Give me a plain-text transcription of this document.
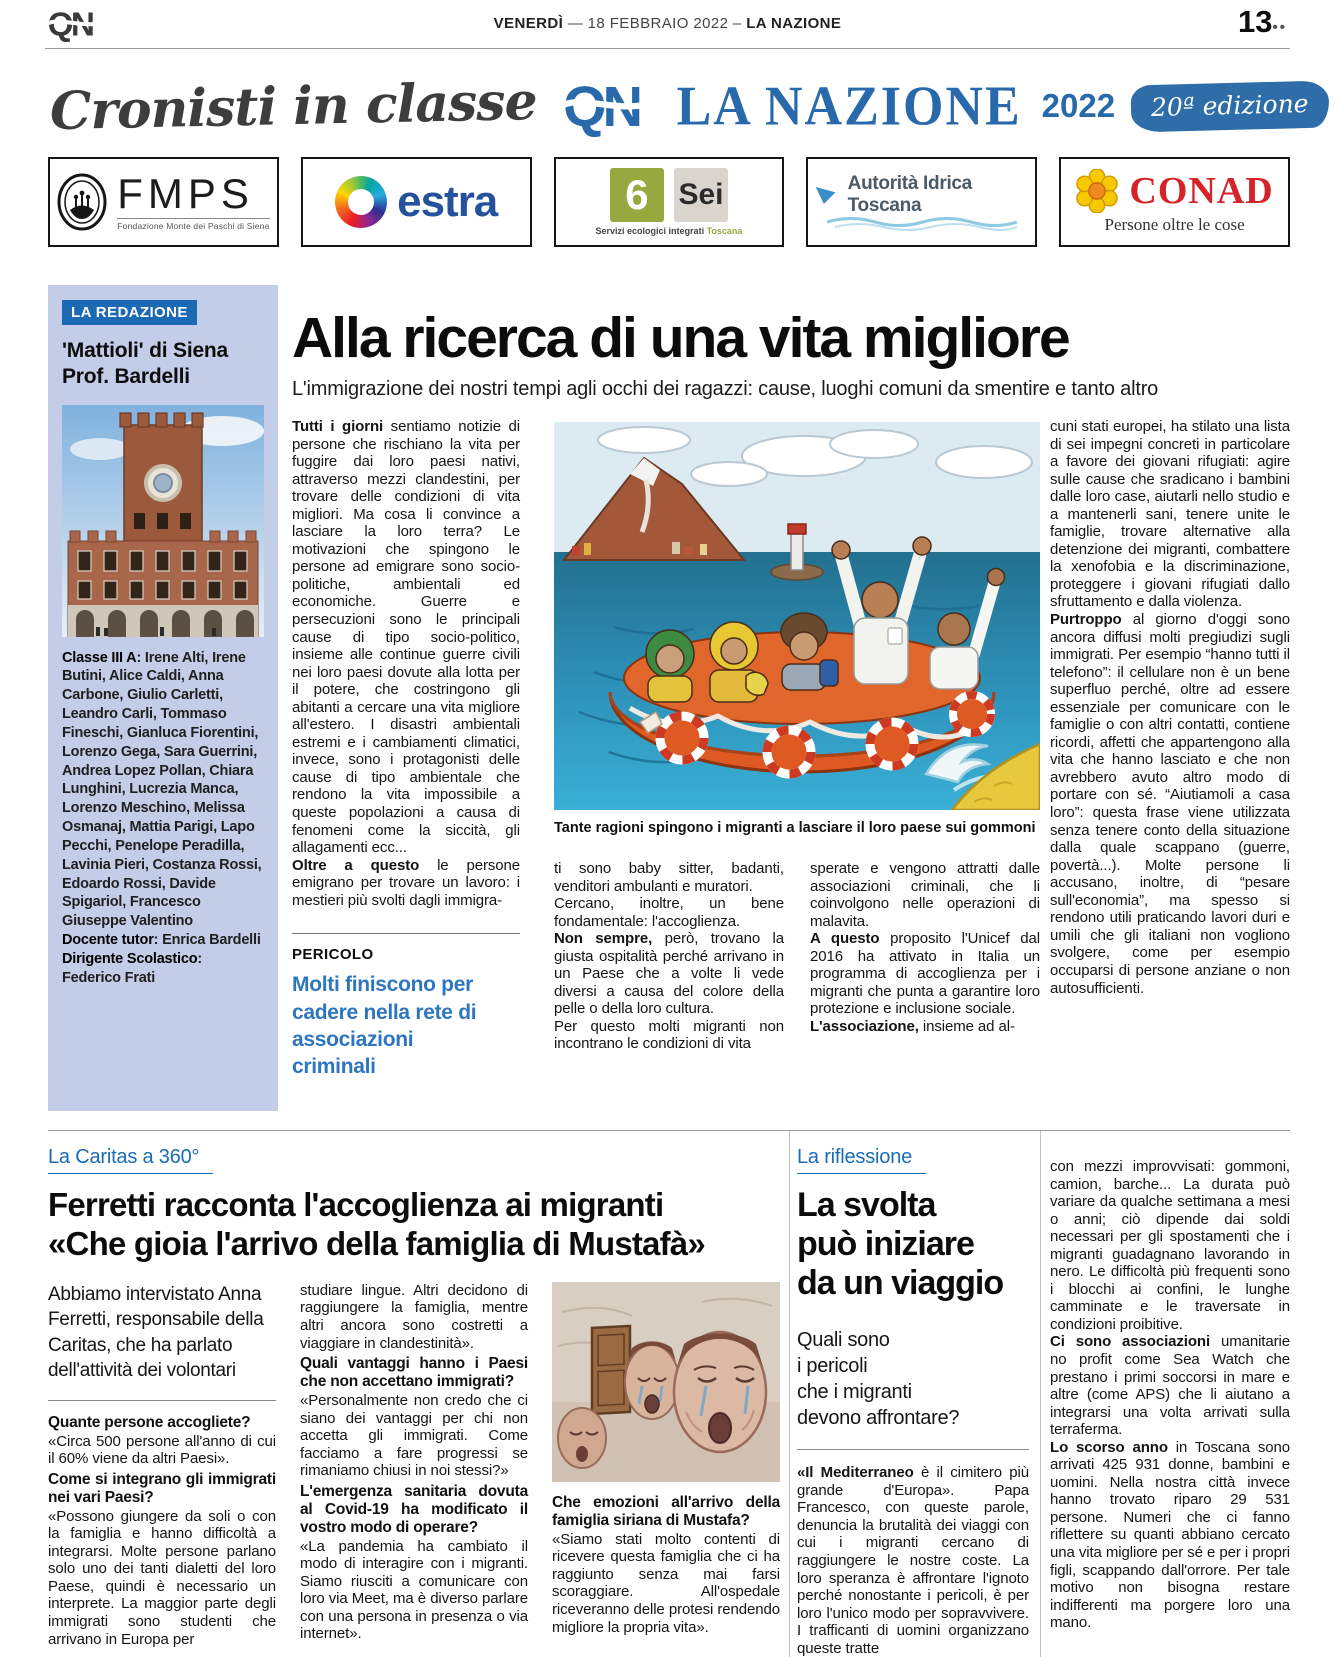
QN	VENERDÌ — 18 FEBBRAIO 2022 – LA NAZIONE	13••
Cronisti in classe QN LA NAZIONE 2022	20ª edizione
FMPS
Fondazione Monte dei Paschi di Siena	estra	6 Sei
Servizi ecologici integrati Toscana
Autorità Idrica Toscana	CONAD
Persone oltre le cose
LA REDAZIONE
'Mattioli' di Siena
Prof. Bardelli

Classe III A: Irene Alti, Irene Butini, Alice Caldi, Anna Carbone, Giulio Carletti, Leandro Carli, Tommaso Fineschi, Gianluca Fiorentini, Lorenzo Gega, Sara Guerrini, Andrea Lopez Pollan, Chiara Lunghini, Lucrezia Manca, Lorenzo Meschino, Melissa Osmanaj, Mattia Parigi, Lapo Pecchi, Penelope Peradilla, Lavinia Pieri, Costanza Rossi, Edoardo Rossi, Davide Spigariol, Francesco Giuseppe Valentino
Docente tutor: Enrica Bardelli
Dirigente Scolastico: Federico Frati

Alla ricerca di una vita migliore
L'immigrazione dei nostri tempi agli occhi dei ragazzi: cause, luoghi comuni da smentire e tanto altro

Tutti i giorni sentiamo notizie di persone che rischiano la vita per fuggire dai loro paesi nativi, attraverso mezzi clandestini, per trovare delle condizioni di vita migliori. Ma cosa li convince a lasciare la loro terra? Le motivazioni che spingono le persone ad emigrare sono socio-politiche, ambientali ed economiche. Guerre e persecuzioni sono le principali cause di tipo socio-politico, insieme alle continue guerre civili nei loro paesi dovute alla lotta per il potere, che costringono gli abitanti a cercare una vita migliore all'estero. I disastri ambientali estremi e i cambiamenti climatici, invece, sono i protagonisti delle cause di tipo ambientale che rendono la vita impossibile a queste popolazioni a causa di fenomeni come la siccità, gli allagamenti ecc...

Oltre a questo le persone emigrano per trovare un lavoro: i mestieri più svolti dagli immigra-

PERICOLO
Molti finiscono per cadere nella rete di associazioni criminali
Tante ragioni spingono i migranti a lasciare il loro paese sui gommoni

ti sono baby sitter, badanti, venditori ambulanti e muratori.

Cercano, inoltre, un bene fondamentale: l'accoglienza.

Non sempre, però, trovano la giusta ospitalità perché arrivano in un Paese che a volte li vede diversi a causa del colore della pelle o della loro cultura.

Per questo molti migranti non incontrano le condizioni di vita

sperate e vengono attratti dalle associazioni criminali, che li coinvolgono nelle operazioni di malavita.

A questo proposito l'Unicef dal 2016 ha attivato in Italia un programma di accoglienza per i migranti che punta a garantire loro protezione e inclusione sociale.

L'associazione, insieme ad al-

cuni stati europei, ha stilato una lista di sei impegni concreti in particolare a favore dei giovani rifugiati: agire sulle cause che sradicano i bambini dalle loro case, aiutarli nello studio e a mantenerli sani, tenere unite le famiglie, trovare alternative alla detenzione dei migranti, combattere la xenofobia e la discriminazione, proteggere i giovani rifugiati dallo sfruttamento e dalla violenza.

Purtroppo al giorno d'oggi sono ancora diffusi molti pregiudizi sugli immigrati. Per esempio “hanno tutti il telefono”: il cellulare non è un bene superfluo perché, oltre ad essere essenziale per comunicare con le famiglie o con altri contatti, contiene ricordi, affetti che appartengono alla vita che hanno lasciato e che non avrebbero avuto altro modo di portare con sé. “Aiutiamoli a casa loro”: questa frase viene utilizzata senza tenere conto della situazione dalla quale scappano (guerre, povertà...). Molte persone li accusano, inoltre, di “pesare sull'economia”, ma spesso si rendono utili praticando lavori duri e umili che gli italiani non vogliono svolgere, come per esempio occuparsi di persone anziane o non autosufficienti.

La Caritas a 360°
Ferretti racconta l'accoglienza ai migranti
«Che gioia l'arrivo della famiglia di Mustafà»
Abbiamo intervistato Anna Ferretti, responsabile della Caritas, che ha parlato dell'attività dei volontari

Quante persone accogliete?

«Circa 500 persone all'anno di cui il 60% viene da altri Paesi».

Come si integrano gli immigrati nei vari Paesi?

«Possono giungere da soli o con la famiglia e hanno difficoltà a integrarsi. Molte persone parlano solo uno dei tanti dialetti del loro Paese, quindi è necessario un interprete. La maggior parte degli immigrati sono studenti che arrivano in Europa per

studiare lingue. Altri decidono di raggiungere la famiglia, mentre altri ancora sono costretti a viaggiare in clandestinità».

Quali vantaggi hanno i Paesi che non accettano immigrati?

«Personalmente non credo che ci siano dei vantaggi per chi non accetta gli immigrati. Come facciamo a fare progressi se rimaniamo chiusi in noi stessi?»

L'emergenza sanitaria dovuta al Covid-19 ha modificato il vostro modo di operare?

«La pandemia ha cambiato il modo di interagire con i migranti. Siamo riusciti a comunicare con loro via Meet, ma è diverso parlare con una persona in presenza o via internet».

Che emozioni all'arrivo della famiglia siriana di Mustafa?

«Siamo stati molto contenti di ricevere questa famiglia che ci ha raggiunto senza mai farsi scoraggiare. All'ospedale riceveranno delle protesi rendendo migliore la propria vita».

La riflessione
La svolta
può iniziare
da un viaggio
Quali sono
i pericoli
che i migranti
devono affrontare?

«Il Mediterraneo è il cimitero più grande d'Europa». Papa Francesco, con queste parole, denuncia la brutalità dei viaggi con cui i migranti cercano di raggiungere le nostre coste. La loro speranza è affrontare l'ignoto perché nonostante i pericoli, è per loro l'unico modo per sopravvivere. I trafficanti di uomini organizzano queste tratte

con mezzi improvvisati: gommoni, camion, barche... La durata può variare da qualche settimana a mesi o anni; ciò dipende dai soldi necessari per gli spostamenti che i migranti guadagnano lavorando in nero. Le difficoltà più frequenti sono i blocchi ai confini, le lunghe camminate e le traversate in condizioni proibitive.

Ci sono associazioni umanitarie no profit come Sea Watch che prestano i primi soccorsi in mare e altre (come APS) che li aiutano a integrarsi una volta arrivati sulla terraferma.

Lo scorso anno in Toscana sono arrivati 425 931 donne, bambini e uomini. Nella nostra città invece hanno trovato riparo 29 531 persone. Numeri che ci fanno riflettere su quanti abbiano cercato una vita migliore per sé e per i propri figli, scappando dall'orrore. Per tale motivo non bisogna restare indifferenti ma porgere loro una mano.
